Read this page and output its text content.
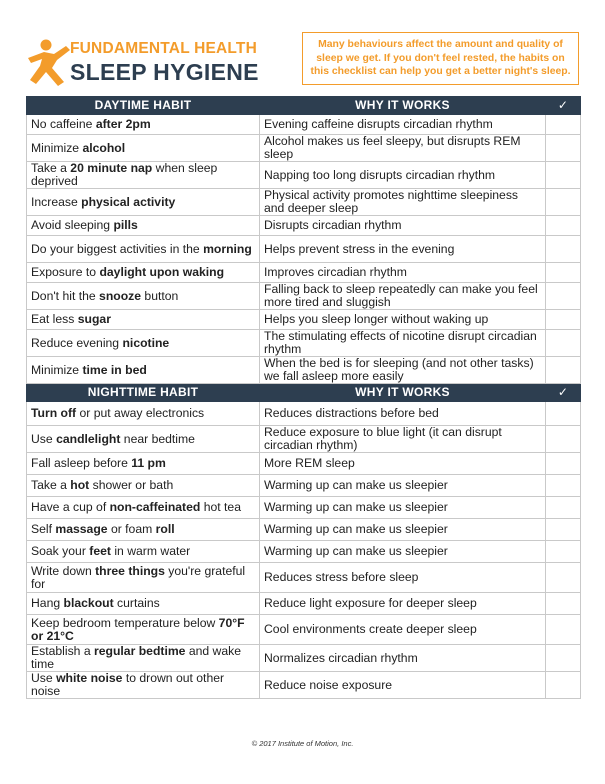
FUNDAMENTAL HEALTH
SLEEP HYGIENE
Many behaviours affect the amount and quality of sleep we get. If you don't feel rested, the habits on this checklist can help you get a better night's sleep.
DAYTIME HABIT	WHY IT WORKS	✓
No caffeine after 2pm	Evening caffeine disrupts circadian rhythm	
Minimize alcohol	Alcohol makes us feel sleepy, but disrupts REM sleep	
Take a 20 minute nap when sleep deprived	Napping too long disrupts circadian rhythm	
Increase physical activity	Physical activity promotes nighttime sleepiness and deeper sleep	
Avoid sleeping pills	Disrupts circadian rhythm	
Do your biggest activities in the morning	Helps prevent stress in the evening	
Exposure to daylight upon waking	Improves circadian rhythm	
Don't hit the snooze button	Falling back to sleep repeatedly can make you feel more tired and sluggish	
Eat less sugar	Helps you sleep longer without waking up	
Reduce evening nicotine	The stimulating effects of nicotine disrupt circadian rhythm	
Minimize time in bed	When the bed is for sleeping (and not other tasks) we fall asleep more easily	
NIGHTTIME HABIT	WHY IT WORKS	✓
Turn off or put away electronics	Reduces distractions before bed	
Use candlelight near bedtime	Reduce exposure to blue light (it can disrupt circadian rhythm)	
Fall asleep before 11 pm	More REM sleep	
Take a hot shower or bath	Warming up can make us sleepier	
Have a cup of non-caffeinated hot tea	Warming up can make us sleepier	
Self massage or foam roll	Warming up can make us sleepier	
Soak your feet in warm water	Warming up can make us sleepier	
Write down three things you're grateful for	Reduces stress before sleep	
Hang blackout curtains	Reduce light exposure for deeper sleep	
Keep bedroom temperature below 70°F or 21°C	Cool environments create deeper sleep	
Establish a regular bedtime and wake time	Normalizes circadian rhythm	
Use white noise to drown out other noise	Reduce noise exposure	
© 2017 Institute of Motion, Inc.
